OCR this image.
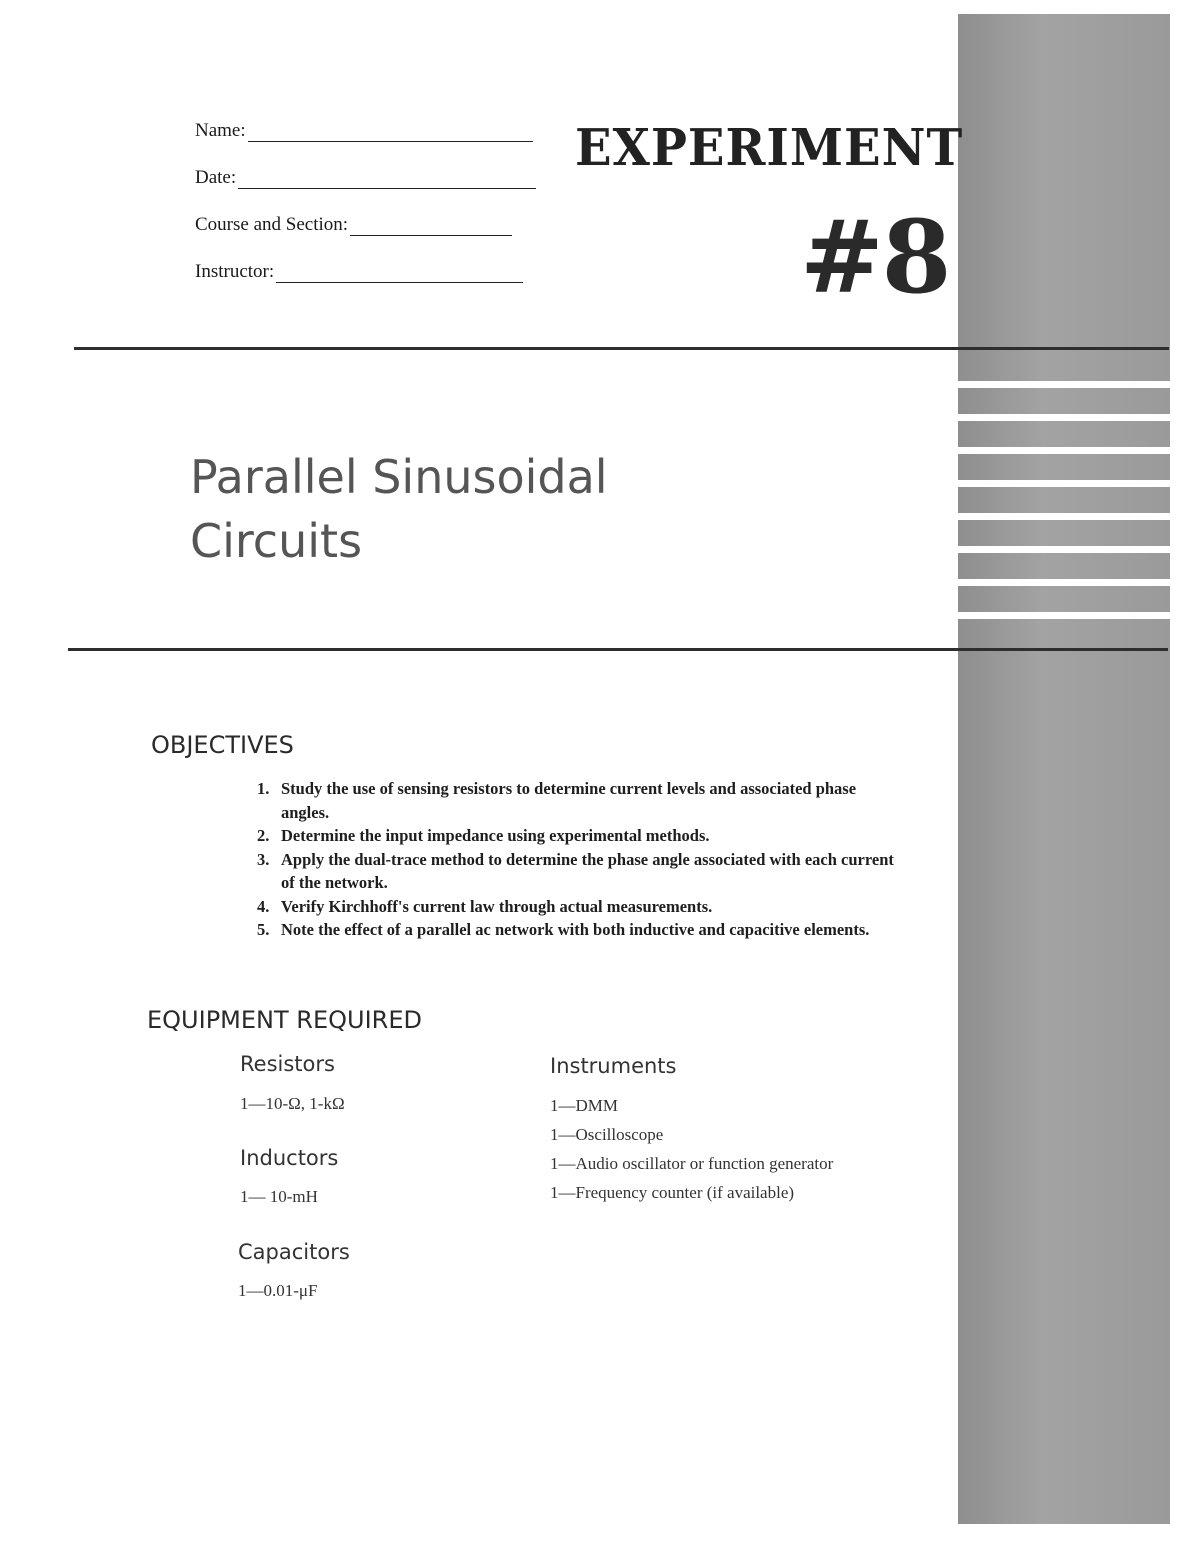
Name:
Date:
Course and Section:
Instructor:
EXPERIMENT
#8
Parallel Sinusoidal
Circuits
OBJECTIVES
1. Study the use of sensing resistors to determine current levels and associated phase angles.
2. Determine the input impedance using experimental methods.
3. Apply the dual-trace method to determine the phase angle associated with each current of the network.
4. Verify Kirchhoff's current law through actual measurements.
5. Note the effect of a parallel ac network with both inductive and capacitive elements.
EQUIPMENT REQUIRED
Resistors
1—10-Ω, 1-kΩ
Inductors
1— 10-mH
Capacitors
1—0.01-μF
Instruments
1—DMM
1—Oscilloscope
1—Audio oscillator or function generator
1—Frequency counter (if available)
